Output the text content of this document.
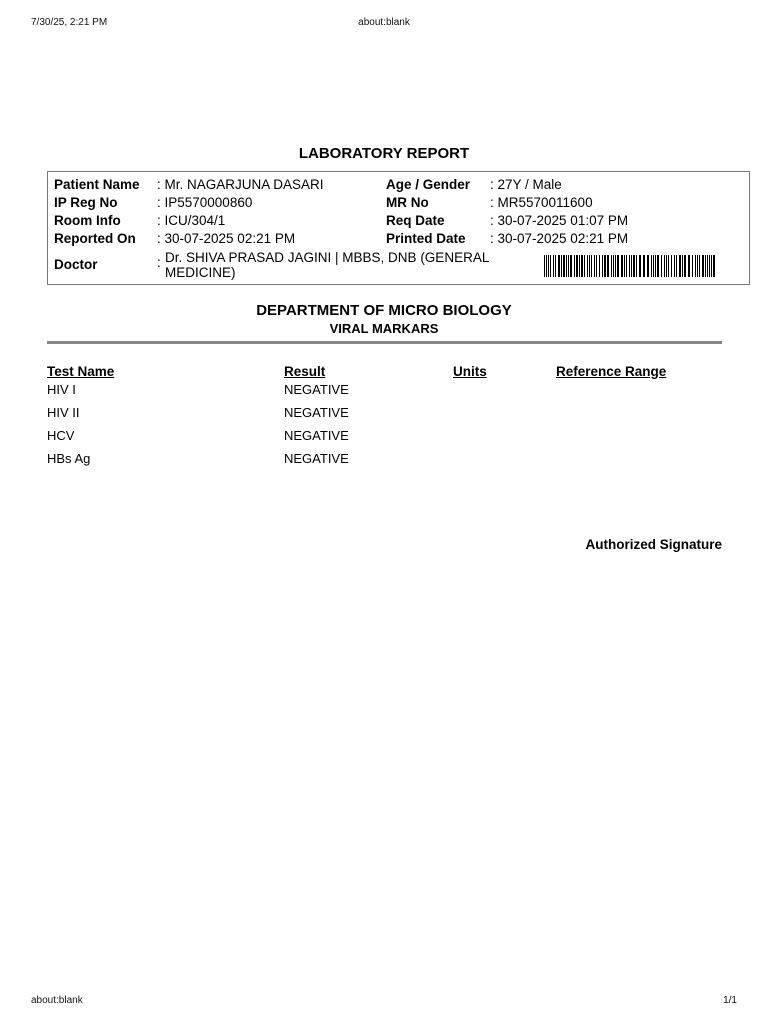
7/30/25, 2:21 PM	about:blank
LABORATORY REPORT
Patient Name : Mr. NAGARJUNA DASARI	Age / Gender : 27Y / Male
IP Reg No	: IP5570000860	MR No	: MR5570011600
Room Info	: ICU/304/1	Req Date	: 30-07-2025 01:07 PM
Reported On : 30-07-2025 02:21 PM	Printed Date : 30-07-2025 02:21 PM
Doctor	: Dr. SHIVA PRASAD JAGINI | MBBS, DNB (GENERAL
MEDICINE)
DEPARTMENT OF MICRO BIOLOGY
VIRAL MARKARS
Test Name	Result	Units	Reference Range
HIV I	NEGATIVE
HIV II	NEGATIVE
HCV	NEGATIVE
HBs Ag	NEGATIVE
Authorized Signature
about:blank	1/1
